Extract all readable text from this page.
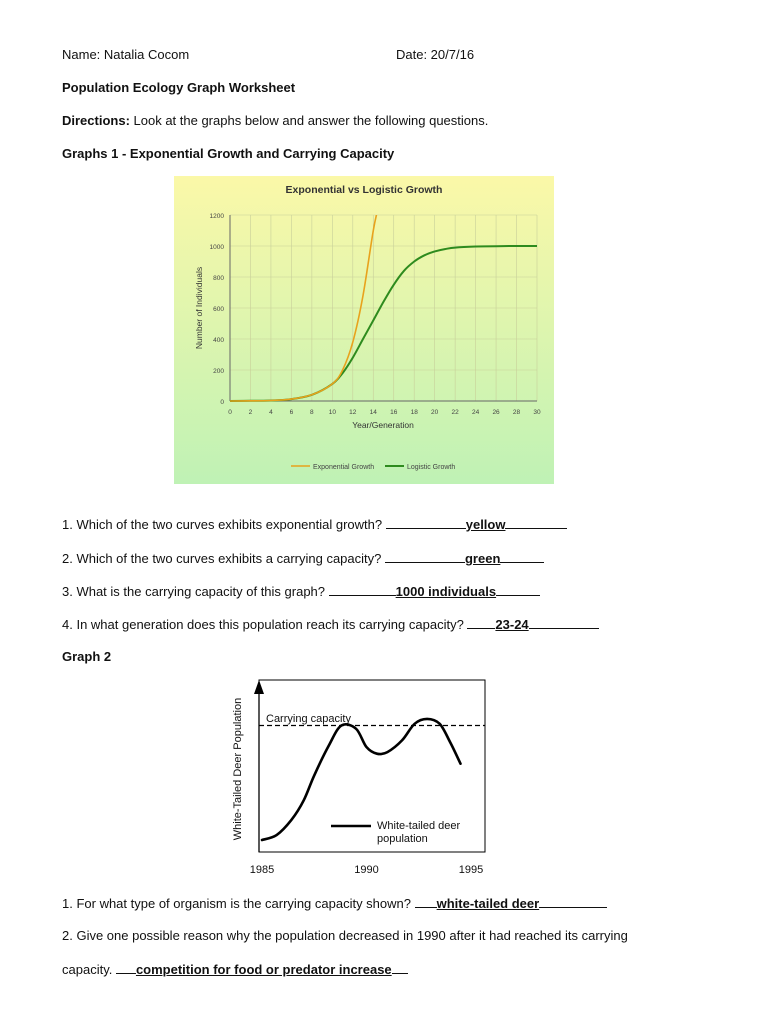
Name: Natalia Cocom	Date: 20/7/16
Population Ecology Graph Worksheet
Directions: Look at the graphs below and answer the following questions.
Graphs 1 - Exponential Growth and Carrying Capacity
Exponential vs Logistic Growth
0
200
400
600
800
1000
1200
0	2	4	6	8 10 12 14 16 18 20 22 24 26 28 30
Year/Generation
Number of Individuals
Exponential Growth	Logistic Growth
1. Which of the two curves exhibits exponential growth?	yellow
2. Which of the two curves exhibits a carrying capacity?	green
3. What is the carrying capacity of this graph?	1000 individuals
4. In what generation does this population reach its carrying capacity? 23-24
Graph 2
White-Tailed Deer Population Carrying capacity
White-tailed deer
population
1985	1990	1995
1. For what type of organism is the carrying capacity shown? white-tailed deer
2. Give one possible reason why the population decreased in 1990 after it had reached its carrying
capacity. competition for food or predator increase
